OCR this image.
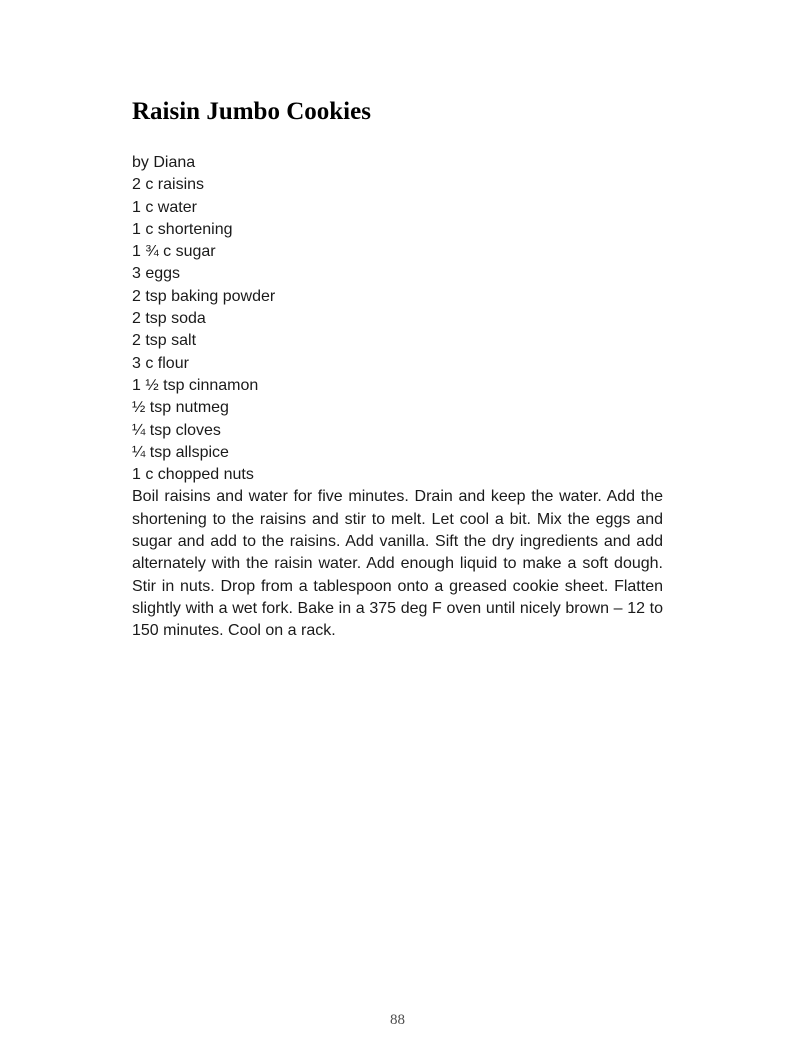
Raisin Jumbo Cookies
by Diana
2 c raisins
1 c water
1 c shortening
1 ¾ c sugar
3 eggs
2 tsp baking powder
2 tsp soda
2 tsp salt
3 c flour
1 ½ tsp cinnamon
½ tsp nutmeg
¼ tsp cloves
¼ tsp allspice
1 c chopped nuts

Boil raisins and water for five minutes. Drain and keep the water. Add the shortening to the raisins and stir to melt. Let cool a bit. Mix the eggs and sugar and add to the raisins. Add vanilla. Sift the dry ingredients and add alternately with the raisin water. Add enough liquid to make a soft dough. Stir in nuts. Drop from a tablespoon onto a greased cookie sheet. Flatten slightly with a wet fork. Bake in a 375 deg F oven until nicely brown – 12 to 150 minutes. Cool on a rack.

88
